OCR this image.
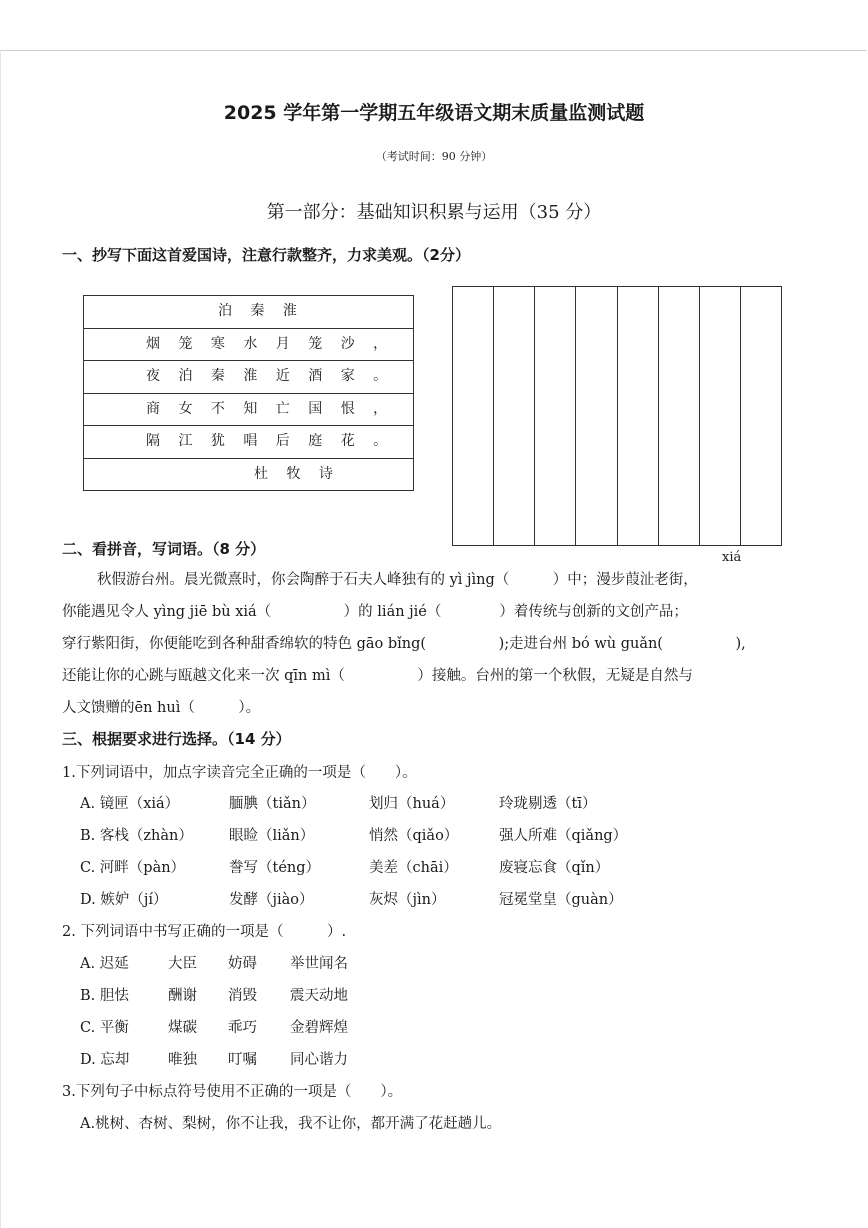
2025 学年第一学期五年级语文期末质量监测试题
（考试时间：90 分钟）
第一部分：基础知识积累与运用（35 分）
一、抄写下面这首爱国诗，注意行款整齐，力求美观。（2分）
泊 秦 淮
烟 笼 寒 水 月 笼 沙 ，
夜 泊 秦 淮 近 酒 家 。
商 女 不 知 亡 国 恨 ，
隔 江 犹 唱 后 庭 花 。
杜 牧 诗
二、看拼音，写词语。（8 分）	xiá
秋假游台州。晨光微熹时，你会陶醉于石夫人峰独有的 yì jìng（　　　）中；漫步葭沚老街，
你能遇见令人 yìng jiē bù xiá（　　　　　）的 lián jié（　　　　）着传统与创新的文创产品；
穿行紫阳街，你便能吃到各种甜香绵软的特色 gāo bǐng(　　　　　);走进台州 bó wù guǎn(　　　　　),
还能让你的心跳与瓯越文化来一次 qīn mì（　　　　　）接触。台州的第一个秋假，无疑是自然与
人文馈赠的ēn huì（　　　）。
三、根据要求进行选择。（14 分）
1.下列词语中，加点字读音完全正确的一项是（　　）。
A. 镜匣（xiá）	腼腆（tiǎn）	划归（huá）	玲珑剔透（tī）
B. 客栈（zhàn） 眼睑（liǎn）	悄然（qiǎo）	强人所难（qiǎng）
C. 河畔（pàn）	誊写（téng）	美差（chāi）	废寝忘食（qǐn）
D. 嫉妒（jí）	发酵（jiào）	灰烬（jìn）	冠冕堂皇（guàn）
2. 下列词语中书写正确的一项是（　　　）.
A. 迟延	大臣 妨碍 举世闻名
B. 胆怯	酬谢 消毁 震天动地
C. 平衡	煤碳 乖巧 金碧辉煌
D. 忘却	唯独 叮嘱 同心谐力
3.下列句子中标点符号使用不正确的一项是（　　）。
A.桃树、杏树、梨树，你不让我，我不让你，都开满了花赶趟儿。
